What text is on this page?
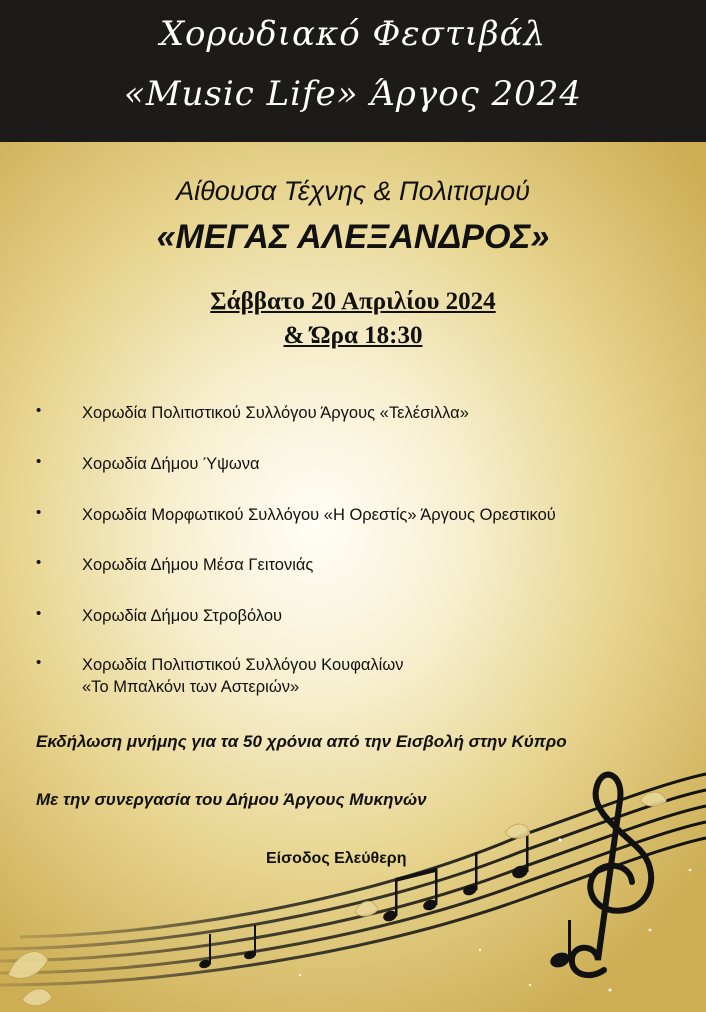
Χορωδιακό Φεστιβάλ
«Music Life» Άργος 2024
Αίθουσα Τέχνης & Πολιτισμού
«ΜΕΓΑΣ ΑΛΕΞΑΝΔΡΟΣ»
Σάββατο 20 Απριλίου 2024
& Ώρα 18:30
•	Χορωδία Πολιτιστικού Συλλόγου Άργους «Τελέσιλλα»
•	Χορωδία Δήμου Ύψωνα
•	Χορωδία Μορφωτικού Συλλόγου «Η Ορεστίς» Άργους Ορεστικού
•	Χορωδία Δήμου Μέσα Γειτονιάς
•	Χορωδία Δήμου Στροβόλου
•	Χορωδία Πολιτιστικού Συλλόγου Κουφαλίων
«Το Μπαλκόνι των Αστεριών»
Εκδήλωση μνήμης για τα 50 χρόνια από την Εισβολή στην Κύπρο
Με την συνεργασία του Δήμου Άργους Μυκηνών
Είσοδος Ελεύθερη
